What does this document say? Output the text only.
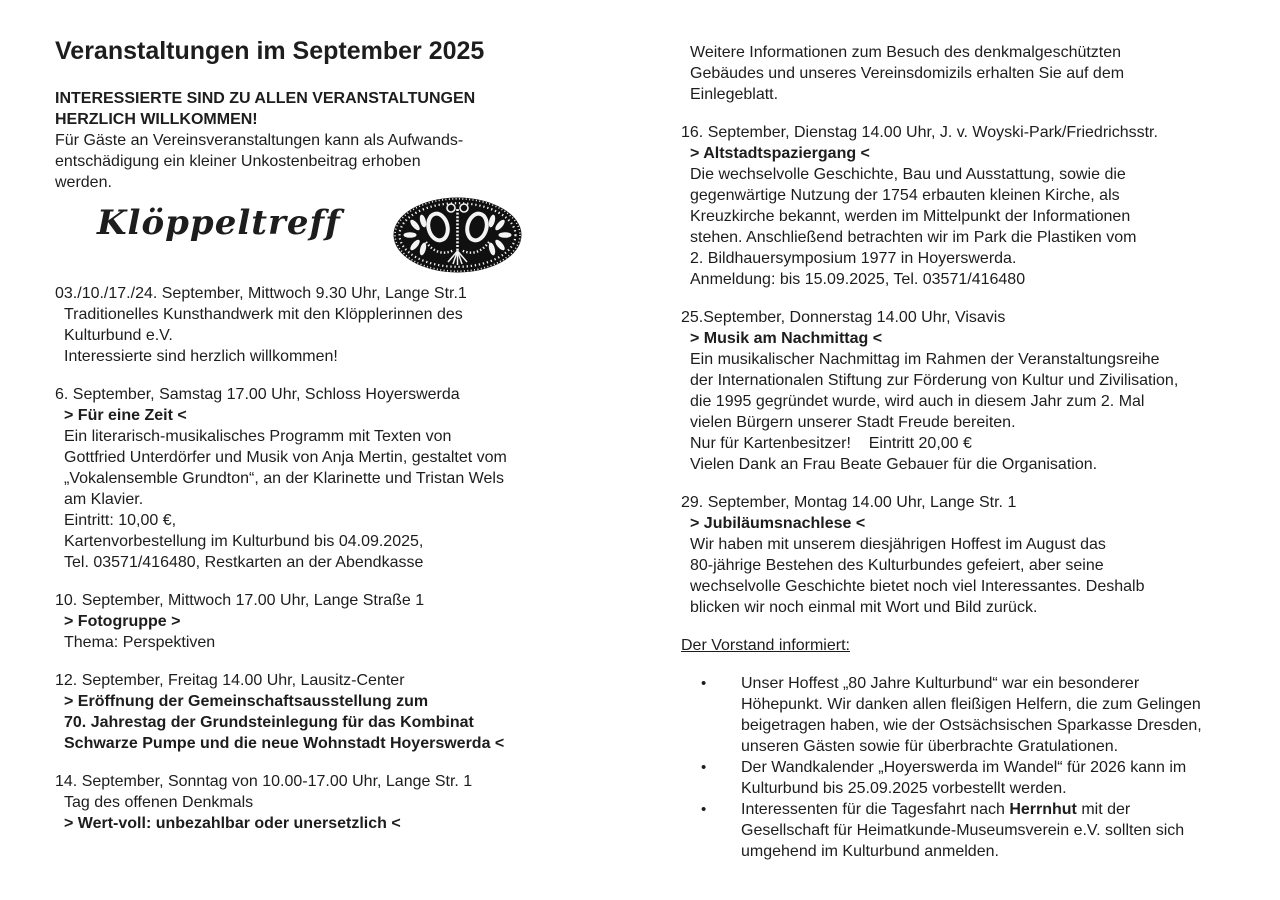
Veranstaltungen im September 2025
INTERESSIERTE SIND ZU ALLEN VERANSTALTUNGEN
HERZLICH WILLKOMMEN!
Für Gäste an Vereinsveranstaltungen kann als Aufwands-
entschädigung ein kleiner Unkostenbeitrag erhoben
werden.
Klöppeltreff
03./10./17./24. September, Mittwoch 9.30 Uhr, Lange Str.1
Traditionelles Kunsthandwerk mit den Klöpplerinnen des
Kulturbund e.V.
Interessierte sind herzlich willkommen!
6. September, Samstag 17.00 Uhr, Schloss Hoyerswerda
> Für eine Zeit <
Ein literarisch-musikalisches Programm mit Texten von
Gottfried Unterdörfer und Musik von Anja Mertin, gestaltet vom
„Vokalensemble Grundton“, an der Klarinette und Tristan Wels
am Klavier.
Eintritt: 10,00 €,
Kartenvorbestellung im Kulturbund bis 04.09.2025,
Tel. 03571/416480, Restkarten an der Abendkasse
10. September, Mittwoch 17.00 Uhr, Lange Straße 1
> Fotogruppe >
Thema: Perspektiven
12. September, Freitag 14.00 Uhr, Lausitz-Center
> Eröffnung der Gemeinschaftsausstellung zum
70. Jahrestag der Grundsteinlegung für das Kombinat
Schwarze Pumpe und die neue Wohnstadt Hoyerswerda <
14. September, Sonntag von 10.00-17.00 Uhr, Lange Str. 1
Tag des offenen Denkmals
> Wert-voll: unbezahlbar oder unersetzlich <
Weitere Informationen zum Besuch des denkmalgeschützten
Gebäudes und unseres Vereinsdomizils erhalten Sie auf dem
Einlegeblatt.
16. September, Dienstag 14.00 Uhr, J. v. Woyski-Park/Friedrichsstr.
> Altstadtspaziergang <
Die wechselvolle Geschichte, Bau und Ausstattung, sowie die
gegenwärtige Nutzung der 1754 erbauten kleinen Kirche, als
Kreuzkirche bekannt, werden im Mittelpunkt der Informationen
stehen. Anschließend betrachten wir im Park die Plastiken vom
2. Bildhauersymposium 1977 in Hoyerswerda.
Anmeldung: bis 15.09.2025, Tel. 03571/416480
25.September, Donnerstag 14.00 Uhr, Visavis
> Musik am Nachmittag <
Ein musikalischer Nachmittag im Rahmen der Veranstaltungsreihe
der Internationalen Stiftung zur Förderung von Kultur und Zivilisation,
die 1995 gegründet wurde, wird auch in diesem Jahr zum 2. Mal
vielen Bürgern unserer Stadt Freude bereiten.
Nur für Kartenbesitzer!    Eintritt 20,00 €
Vielen Dank an Frau Beate Gebauer für die Organisation.
29. September, Montag 14.00 Uhr, Lange Str. 1
> Jubiläumsnachlese <
Wir haben mit unserem diesjährigen Hoffest im August das
80-jährige Bestehen des Kulturbundes gefeiert, aber seine
wechselvolle Geschichte bietet noch viel Interessantes. Deshalb
blicken wir noch einmal mit Wort und Bild zurück.
Der Vorstand informiert:
•	Unser Hoffest „80 Jahre Kulturbund“ war ein besonderer
Höhepunkt. Wir danken allen fleißigen Helfern, die zum Gelingen
beigetragen haben, wie der Ostsächsischen Sparkasse Dresden,
unseren Gästen sowie für überbrachte Gratulationen.
•	Der Wandkalender „Hoyerswerda im Wandel“ für 2026 kann im
Kulturbund bis 25.09.2025 vorbestellt werden.
•	Interessenten für die Tagesfahrt nach Herrnhut mit der
Gesellschaft für Heimatkunde-Museumsverein e.V. sollten sich
umgehend im Kulturbund anmelden.
